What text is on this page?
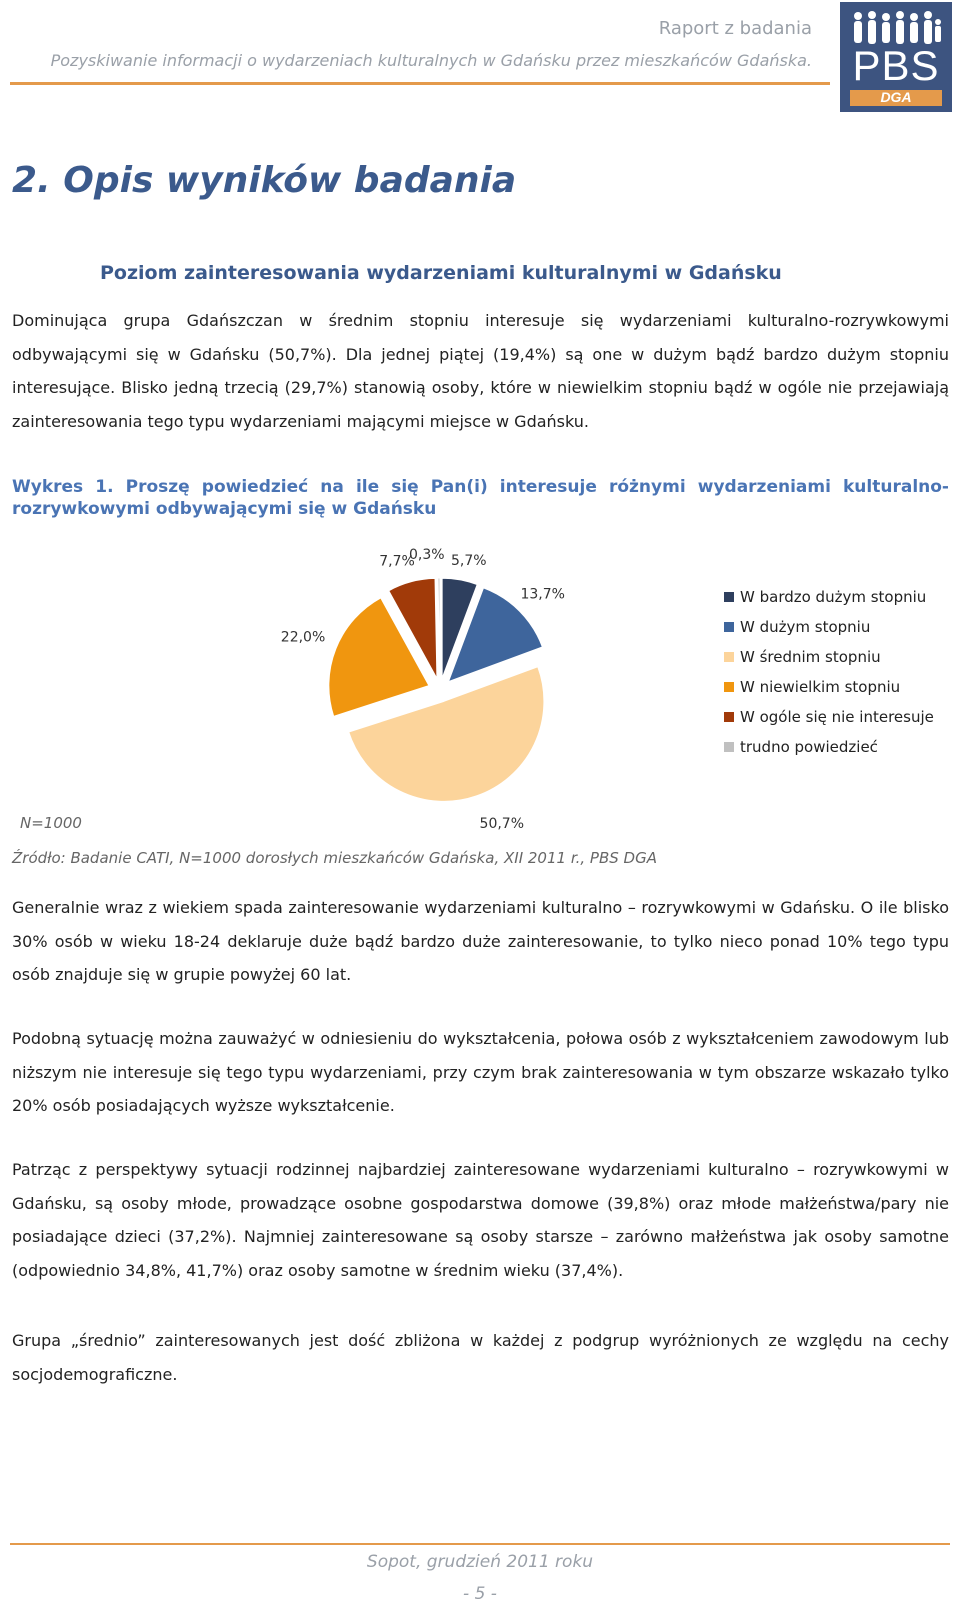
Raport z badania
Pozyskiwanie informacji o wydarzeniach kulturalnych w Gdańsku przez mieszkańców Gdańska. PBS
DGA
2. Opis wyników badania
Poziom zainteresowania wydarzeniami kulturalnymi w Gdańsku
Dominująca grupa Gdańszczan w średnim stopniu interesuje się wydarzeniami kulturalno-rozrywkowymi odbywającymi się w Gdańsku (50,7%). Dla jednej piątej (19,4%) są one w dużym bądź bardzo dużym stopniu interesujące. Blisko jedną trzecią (29,7%) stanowią osoby, które w niewielkim stopniu bądź w ogóle nie przejawiają zainteresowania tego typu wydarzeniami mającymi miejsce w Gdańsku.
Wykres 1. Proszę powiedzieć na ile się Pan(i) interesuje różnymi wydarzeniami kulturalno-rozrywkowymi odbywającymi się w Gdańsku
5,7%
13,7%
50,7%
22,0%
7,7%
0,3%
W bardzo dużym stopniu
W dużym stopniu
W średnim stopniu
W niewielkim stopniu
W ogóle się nie interesuje
trudno powiedzieć
N=1000
Źródło: Badanie CATI, N=1000 dorosłych mieszkańców Gdańska, XII 2011 r., PBS DGA
Generalnie wraz z wiekiem spada zainteresowanie wydarzeniami kulturalno – rozrywkowymi w Gdańsku. O ile blisko 30% osób w wieku 18-24 deklaruje duże bądź bardzo duże zainteresowanie, to tylko nieco ponad 10% tego typu osób znajduje się w grupie powyżej 60 lat.
Podobną sytuację można zauważyć w odniesieniu do wykształcenia, połowa osób z wykształceniem zawodowym lub niższym nie interesuje się tego typu wydarzeniami, przy czym brak zainteresowania w tym obszarze wskazało tylko 20% osób posiadających wyższe wykształcenie.
Patrząc z perspektywy sytuacji rodzinnej najbardziej zainteresowane wydarzeniami kulturalno – rozrywkowymi w Gdańsku, są osoby młode, prowadzące osobne gospodarstwa domowe (39,8%) oraz młode małżeństwa/pary nie posiadające dzieci (37,2%). Najmniej zainteresowane są osoby starsze – zarówno małżeństwa jak osoby samotne (odpowiednio 34,8%, 41,7%) oraz osoby samotne w średnim wieku (37,4%).
Grupa „średnio” zainteresowanych jest dość zbliżona w każdej z podgrup wyróżnionych ze względu na cechy socjodemograficzne.
Sopot, grudzień 2011 roku
- 5 -
